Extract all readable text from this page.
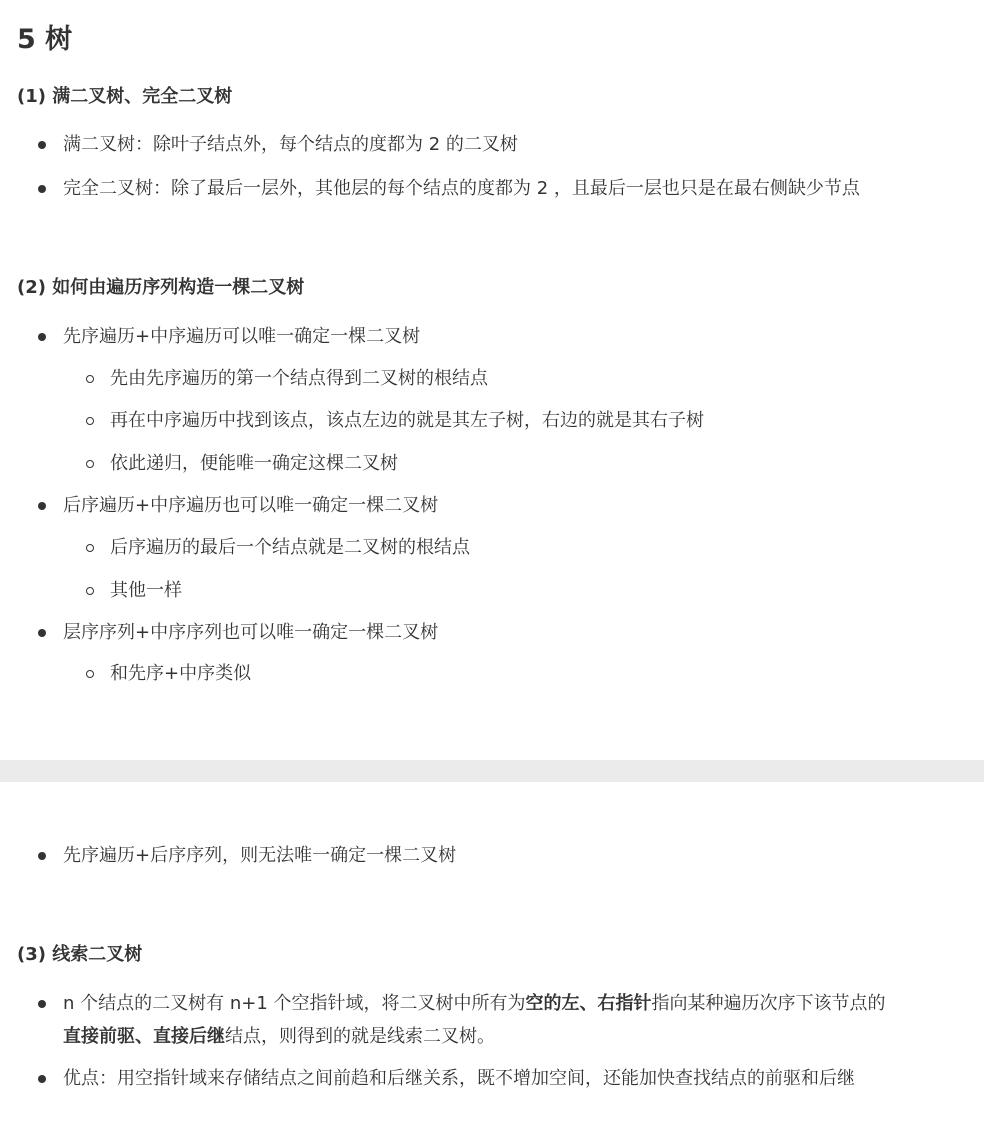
5 树
(1) 满二叉树、完全二叉树
满二叉树：除叶子结点外，每个结点的度都为 2 的二叉树
完全二叉树：除了最后一层外，其他层的每个结点的度都为 2 ，且最后一层也只是在最右侧缺少节点
(2) 如何由遍历序列构造一棵二叉树
先序遍历+中序遍历可以唯一确定一棵二叉树
先由先序遍历的第一个结点得到二叉树的根结点
再在中序遍历中找到该点，该点左边的就是其左子树，右边的就是其右子树
依此递归，便能唯一确定这棵二叉树
后序遍历+中序遍历也可以唯一确定一棵二叉树
后序遍历的最后一个结点就是二叉树的根结点
其他一样
层序序列+中序序列也可以唯一确定一棵二叉树
和先序+中序类似
先序遍历+后序序列，则无法唯一确定一棵二叉树
(3) 线索二叉树
n 个结点的二叉树有 n+1 个空指针域，将二叉树中所有为空的左、右指针指向某种遍历次序下该节点的
直接前驱、直接后继结点，则得到的就是线索二叉树。
优点：用空指针域来存储结点之间前趋和后继关系，既不增加空间，还能加快查找结点的前驱和后继
